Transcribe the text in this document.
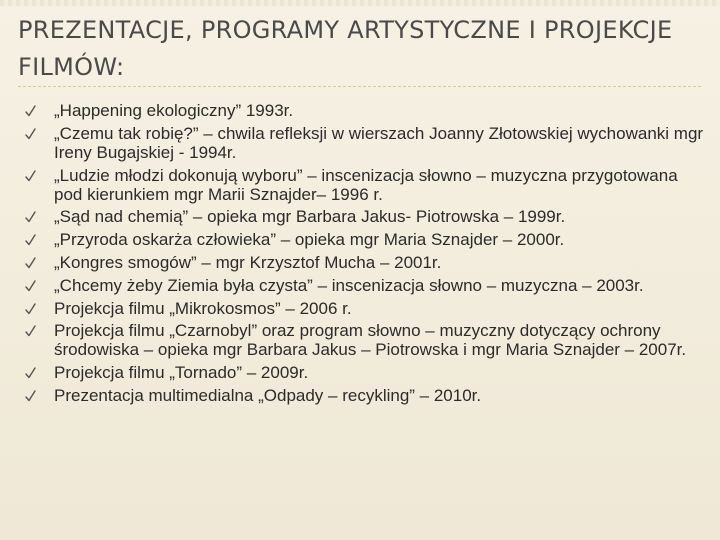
PREZENTACJE, PROGRAMY ARTYSTYCZNE I PROJEKCJE FILMÓW:
„Happening ekologiczny” 1993r.
„Czemu tak robię?” – chwila refleksji w wierszach Joanny Złotowskiej wychowanki mgr Ireny Bugajskiej - 1994r.
„Ludzie młodzi dokonują wyboru” – inscenizacja słowno – muzyczna przygotowana pod kierunkiem mgr Marii Sznajder– 1996 r.
„Sąd nad chemią” – opieka mgr Barbara Jakus- Piotrowska – 1999r.
„Przyroda oskarża człowieka” – opieka mgr Maria Sznajder – 2000r.
„Kongres smogów” – mgr Krzysztof Mucha – 2001r.
„Chcemy żeby Ziemia była czysta” – inscenizacja słowno – muzyczna – 2003r.
Projekcja filmu „Mikrokosmos” – 2006 r.
Projekcja filmu „Czarnobyl” oraz program słowno – muzyczny dotyczący ochrony środowiska – opieka mgr Barbara Jakus – Piotrowska i mgr Maria Sznajder – 2007r.
Projekcja filmu „Tornado” – 2009r.
Prezentacja multimedialna „Odpady – recykling” – 2010r.
